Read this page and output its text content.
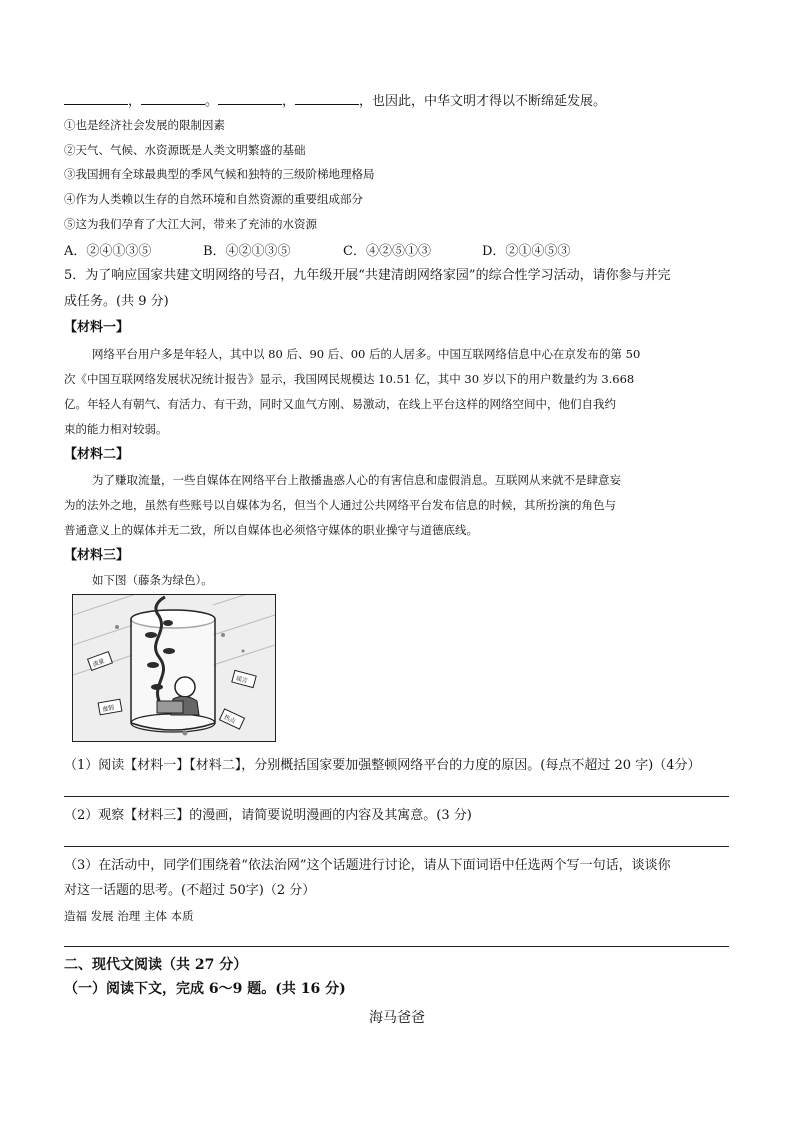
，	。	，	，也因此，中华文明才得以不断绵延发展。
①也是经济社会发展的限制因素
②天气、气候、水资源既是人类文明繁盛的基础
③我国拥有全球最典型的季风气候和独特的三级阶梯地理格局
④作为人类赖以生存的自然环境和自然资源的重要组成部分
⑤这为我们孕育了大江大河，带来了充沛的水资源
A．②④①③⑤	B．④②①③⑤	C．④②⑤①③	D．②①④⑤③
5．为了响应国家共建文明网络的号召，九年级开展“共建清朗网络家园”的综合性学习活动，请你参与并完
成任务。(共 9 分)
【材料一】
网络平台用户多是年轻人，其中以 80 后、90 后、00 后的人居多。中国互联网络信息中心在京发布的第 50
次《中国互联网络发展状况统计报告》显示，我国网民规模达 10.51 亿，其中 30 岁以下的用户数量约为 3.668
亿。年轻人有朝气、有活力、有干劲，同时又血气方刚、易激动，在线上平台这样的网络空间中，他们自我约
束的能力相对较弱。
【材料二】
为了赚取流量，一些自媒体在网络平台上散播蛊惑人心的有害信息和虚假消息。互联网从来就不是肆意妄
为的法外之地，虽然有些账号以自媒体为名，但当个人通过公共网络平台发布信息的时候，其所扮演的角色与
普通意义上的媒体并无二致，所以自媒体也必须恪守媒体的职业操守与道德底线。
【材料三】
如下图（藤条为绿色）。
流量
虚假
谣言
热点
（1）阅读【材料一】【材料二】，分别概括国家要加强整顿网络平台的力度的原因。(每点不超过 20 字)（4分）
（2）观察【材料三】的漫画，请简要说明漫画的内容及其寓意。(3 分)
（3）在活动中，同学们围绕着“依法治网”这个话题进行讨论，请从下面词语中任选两个写一句话，谈谈你
对这一话题的思考。(不超过 50字)（2 分）
造福 发展 治理 主体 本质
二、现代文阅读（共 27 分）
（一）阅读下文，完成 6～9 题。(共 16 分)
海马爸爸
